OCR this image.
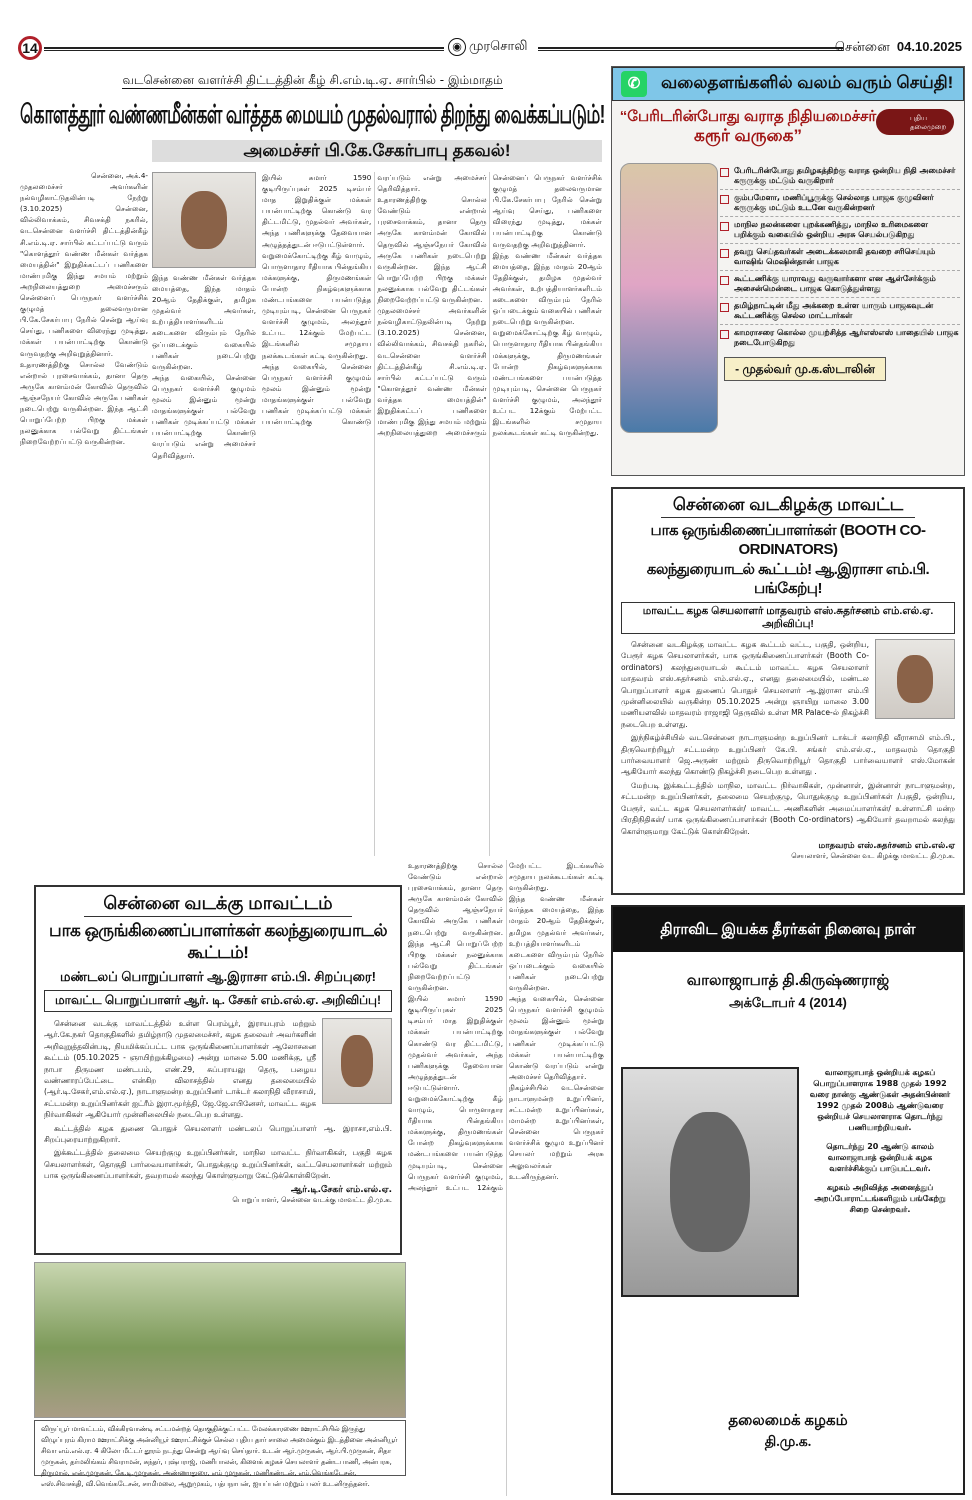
14	◉ முரசொலி	சென்னை 04.10.2025
வடசென்னை வளர்ச்சி திட்டத்தின் கீழ் சி.எம்.டி.ஏ. சார்பில் - இம்மாதம்
கொளத்தூர் வண்ணமீன்கள் வர்த்தக மையம் முதல்வரால் திறந்து வைக்கப்படும்!
அமைச்சர் பி.கே.சேகர்பாபு தகவல்!

சென்னை, அக்.4-

முதலமைச்சர் அவர்களின் நல்வழிகாட்டுதலின்படி நேற்று (3.10.2025) சென்னை, வில்லிவாக்கம், சிவசக்தி நகரில், வடசென்னை வளர்ச்சி திட்டத்தின்கீழ் சி.எம்.டி.ஏ. சார்பில் கட்டப்பட்டு வரும் "கொளத்தூர் வண்ண மீன்கள் வர்த்தக மையத்தின்" இறுதிக்கட்டப் பணிகளை மாண்புமிகு இந்து சமயம் மற்றும் அறநிலையத்துறை அமைச்சரும் சென்னைப் பெருநகர் வளர்ச்சிக் குழுமத் தலைவருமான பி.கே.சேகர்பாபு நேரில் சென்று ஆய்வு செய்து, பணிகளை விரைந்து முடித்து, மக்கள் பயன்பாட்டிற்கு கொண்டு வருவதற்கு அறிவுறுத்தினார்.

உதாரணத்திற்கு சொல்ல வேண்டும் என்றால் புரசைவாக்கம், தானா தெரு அருகே காளம்மன் கோவில் தெருவில் ஆஞ்சநேயர் கோவில் அருகே பணிகள் நடைபெற்று வருகின்றன. இந்த ஆட்சி பொறுப்பேற்ற பிறகு மக்கள் நலனுக்காக பல்வேறு திட்டங்கள் நிறைவேற்றப்பட்டு வருகின்றன.

இந்த வண்ண மீன்கள் வர்த்தக மையத்தை, இந்த மாதம் 20ஆம் தேதிக்குள், தமிழக முதல்வர் அவர்கள், உற்பத்தியாளர்களிடம் கடைகளை விரும்பும் நேரில் ஒப்படைக்கும் வகையில் பணிகள் நடைபெற்று வருகின்றன.

அந்த வகையில், சென்னை பெருநகர் வளர்ச்சி குழுமம் மூலம் இன்னும் மூன்று மாதங்களுக்குள் பல்வேறு பணிகள் முடிக்கப்பட்டு மக்கள் பயன்பாட்டிற்கு கொண்டு வரப்படும் என்று அமைச்சர் தெரிவித்தார்.

இயில் சுமார் 1590 குடியிருப்புகள் 2025 டிசம்பர் மாத இறுதிக்குள் மக்கள் பயன்பாட்டிற்கு கொண்டு வர திட்டமிட்டு, முதல்வர் அவர்கள், அந்த பணிகளுக்கு தேவையான அழுத்தத்துடன் ஈடுபட்டுள்ளார்.

வறுமைக்கோட்டிற்கு கீழ் வாழும், பொருளாதார ரீதியாக பின்தங்கிய மக்களுக்கு, திருமணங்கள் போன்ற நிகழ்வுகளுக்காக மண்டபங்களை பயன்படுத்த முடியும்படி, சென்னை பெருநகர் வளர்ச்சி குழுமம், அலந்தூர் உட்பட 12க்கும் மேற்பட்ட இடங்களில் சமுதாய நலக்கூடங்கள் கட்டி வருகின்றது.

அந்த வகையில், சென்னை பெருநகர் வளர்ச்சி குழுமம் மூலம் இன்னும் மூன்று மாதங்களுக்குள் பல்வேறு பணிகள் முடிக்கப்பட்டு மக்கள் பயன்பாட்டிற்கு கொண்டு வரப்படும் என்று அமைச்சர் தெரிவித்தார்.

உதாரணத்திற்கு சொல்ல வேண்டும் என்றால் புரசைவாக்கம், தானா தெரு அருகே காளம்மன் கோவில் தெருவில் ஆஞ்சநேயர் கோவில் அருகே பணிகள் நடைபெற்று வருகின்றன. இந்த ஆட்சி பொறுப்பேற்ற பிறகு மக்கள் நலனுக்காக பல்வேறு திட்டங்கள் நிறைவேற்றப்பட்டு வருகின்றன.

முதலமைச்சர் அவர்களின் நல்வழிகாட்டுதலின்படி நேற்று (3.10.2025) சென்னை, வில்லிவாக்கம், சிவசக்தி நகரில், வடசென்னை வளர்ச்சி திட்டத்தின்கீழ் சி.எம்.டி.ஏ. சார்பில் கட்டப்பட்டு வரும் "கொளத்தூர் வண்ண மீன்கள் வர்த்தக மையத்தின்" இறுதிக்கட்டப் பணிகளை மாண்புமிகு இந்து சமயம் மற்றும் அறநிலையத்துறை அமைச்சரும் சென்னைப் பெருநகர் வளர்ச்சிக் குழுமத் தலைவருமான பி.கே.சேகர்பாபு நேரில் சென்று ஆய்வு செய்து, பணிகளை விரைந்து முடித்து, மக்கள் பயன்பாட்டிற்கு கொண்டு வருவதற்கு அறிவுறுத்தினார்.

இந்த வண்ண மீன்கள் வர்த்தக மையத்தை, இந்த மாதம் 20ஆம் தேதிக்குள், தமிழக முதல்வர் அவர்கள், உற்பத்தியாளர்களிடம் கடைகளை விரும்பும் நேரில் ஒப்படைக்கும் வகையில் பணிகள் நடைபெற்று வருகின்றன.

வறுமைக்கோட்டிற்கு கீழ் வாழும், பொருளாதார ரீதியாக பின்தங்கிய மக்களுக்கு, திருமணங்கள் போன்ற நிகழ்வுகளுக்காக மண்டபங்களை பயன்படுத்த முடியும்படி, சென்னை பெருநகர் வளர்ச்சி குழுமம், அலந்தூர் உட்பட 12க்கும் மேற்பட்ட இடங்களில் சமுதாய நலக்கூடங்கள் கட்டி வருகின்றது.

உதாரணத்திற்கு சொல்ல வேண்டும் என்றால் புரசைவாக்கம், தானா தெரு அருகே காளம்மன் கோவில் தெருவில் ஆஞ்சநேயர் கோவில் அருகே பணிகள் நடைபெற்று வருகின்றன. இந்த ஆட்சி பொறுப்பேற்ற பிறகு மக்கள் நலனுக்காக பல்வேறு திட்டங்கள் நிறைவேற்றப்பட்டு வருகின்றன.

இயில் சுமார் 1590 குடியிருப்புகள் 2025 டிசம்பர் மாத இறுதிக்குள் மக்கள் பயன்பாட்டிற்கு கொண்டு வர திட்டமிட்டு, முதல்வர் அவர்கள், அந்த பணிகளுக்கு தேவையான அழுத்தத்துடன் ஈடுபட்டுள்ளார்.

வறுமைக்கோட்டிற்கு கீழ் வாழும், பொருளாதார ரீதியாக பின்தங்கிய மக்களுக்கு, திருமணங்கள் போன்ற நிகழ்வுகளுக்காக மண்டபங்களை பயன்படுத்த முடியும்படி, சென்னை பெருநகர் வளர்ச்சி குழுமம், அலந்தூர் உட்பட 12க்கும் மேற்பட்ட இடங்களில் சமுதாய நலக்கூடங்கள் கட்டி வருகின்றது.

இந்த வண்ண மீன்கள் வர்த்தக மையத்தை, இந்த மாதம் 20ஆம் தேதிக்குள், தமிழக முதல்வர் அவர்கள், உற்பத்தியாளர்களிடம் கடைகளை விரும்பும் நேரில் ஒப்படைக்கும் வகையில் பணிகள் நடைபெற்று வருகின்றன.

அந்த வகையில், சென்னை பெருநகர் வளர்ச்சி குழுமம் மூலம் இன்னும் மூன்று மாதங்களுக்குள் பல்வேறு பணிகள் முடிக்கப்பட்டு மக்கள் பயன்பாட்டிற்கு கொண்டு வரப்படும் என்று அமைச்சர் தெரிவித்தார்.

நிகழ்ச்சியில் வடசென்னை நாடாளுமன்ற உறுப்பினர், சட்டமன்ற உறுப்பினர்கள், மாமன்ற உறுப்பினர்கள், சென்னை பெருநகர் வளர்ச்சிக் குழும உறுப்பினர் செயலர் மற்றும் அரசு அலுவலர்கள் உடனிருந்தனர்.

சென்னை வடக்கு மாவட்டம்
பாக ஒருங்கிணைப்பாளர்கள் கலந்துரையாடல் கூட்டம்!
மண்டலப் பொறுப்பாளர் ஆ.இராசா எம்.பி. சிறப்புரை!
மாவட்ட பொறுப்பாளர் ஆர். டி. சேகர் எம்.எல்.ஏ. அறிவிப்பு!

சென்னை வடக்கு மாவட்டத்தில் உள்ள பெரம்பூர், இராயபுரம் மற்றும் ஆர்.கே.நகர் தொகுதிகளில் தமிழ்நாடு முதலமைச்சர், கழக தலைவர் அவர்களின் அறிவுறுத்தலின்படி, நியமிக்கப்பட்ட பாக ஒருங்கிணைப்பாளர்கள் ஆலோசனை கூட்டம் (05.10.2025 - ஞாயிற்றுக்கிழமை) அன்று மாலை 5.00 மணிக்கு, ஸ்ரீ நாபா திருமண மண்டபம், எண்.29, சுப்பராயலு தெரு, பழைய வண்ணாரப்பேட்டை என்கிற விலாசத்தில் எனது தலைமையில் (ஆர்.டி.சேகர்,எம்.எல்.ஏ.), நாடாளுமன்ற உறுப்பினர் டாக்டர் கலாநிதி வீராசாமி, சட்டமன்ற உறுப்பினர்கள் ஐட்ரீம் இரா.மூர்த்தி, ஜே.ஜே.எபினேசர், மாவட்ட கழக நிர்வாகிகள் ஆகியோர் முன்னிலையில் நடைபெற உள்ளது.

கூட்டத்தில் கழக துணை பொதுச் செயலாளர் மண்டலப் பொறுப்பாளர் ஆ. இராசா,எம்.பி. சிறப்புரையாற்றுகிறார்.

இக்கூட்டத்தில் தலைமை செயற்குழு உறுப்பினர்கள், மாநில மாவட்ட நிர்வாகிகள், பகுதி கழக செயலாளர்கள், தொகுதி பார்வையாளர்கள், பொதுக்குழு உறுப்பினர்கள், வட்டசெயலாளர்கள் மற்றும் பாக ஒருங்கிணைப்பாளர்கள், தவறாமல் கலந்து கொள்ளுமாறு கேட்டுக்கொள்கிறேன்.

ஆர்.டி.சேகர் எம்.எல்.ஏ.
பொறுப்பாளர், சென்னை வடக்கு மாவட்ட தி.மு.க.
விருப்பூர் மாவட்டம், விக்கிரவாண்டி சட்டமன்றத் தொகுதிக்குட்பட்ட மேலக்காரணை ஊராட்சியில் இருந்து விழுப்புரம் கிராம ஊராட்சிக்கு அன்னியூர் ஊராட்சிக்குச் செல்ல புதிய தார் சாலை அமைக்கும் இடத்தினை அன்னியூர் சிவா எம்.எல்.ஏ. 4 கிலோ மீட்டர் தூரம் நடந்து சென்று ஆய்வு செய்தார். உடன் ஆர்.முருகன், ஆர்.பி.முருகன், சிதா முருகன், தர்மலிங்கம் சிவராமன், சுந்தர், புஷ்பராஜ், மணிபாலன், கிளைக் கழகச் செயலாளர் தண்டபாணி, அன்பரசு, திருமால், என்.முருகன், கே.டி.முருகன், அண்ணாதுரை, எம் முருகன், மணிகண்டன், எம்.வெங்கடேசன், எஸ்.சிவசக்தி, வி.வெங்கடேசன், சாமிமலை, ஆறுமுகம், பத்பநாபன், ஐயப்பன் மற்றும் பலர் உடனிருந்தனர்.
✆	வலைதளங்களில் வலம் வரும் செய்தி!
“பேரிடரின்போது வராத நிதியமைச்சர்
கரூர் வருகை”
புதிய தலைமுறை
பேரிடரின்போது தமிழகத்திற்கு வராத ஒன்றிய நிதி அமைச்சர் கரூருக்கு மட்டும் வருகிறார்
கும்பமேளா, மணிப்பூருக்கு செல்லாத பாஜக குழுவினர் கரூருக்கு மட்டும் உடனே வருகின்றனர்
மாநில நலன்களை புறக்கணித்து, மாநில உரிமைகளை பறிக்கும் வகையில் ஒன்றிய அரசு செயல்படுகிறது
தவறு செய்தவர்கள் அடைக்கலமாகி தவறை சரிசெய்யும் வாஷிங் மெஷின்தான் பாஜக
கூட்டணிக்கு யாராவது வருவார்களா என ஆள்சேர்க்கும் அசைன்மென்டை பாஜக கொடுத்துள்ளது
தமிழ்நாட்டின் மீது அக்கறை உள்ள யாரும் பாஜகவுடன் கூட்டணிக்கு செல்ல மாட்டார்கள்
காமராசரை கொல்ல முயற்சித்த ஆர்எஸ்எஸ் பாதையில் பாஜக நடைபோடுகிறது
- முதல்வர் மு.க.ஸ்டாலின்
சென்னை வடகிழக்கு மாவட்ட
பாக ஒருங்கிணைப்பாளர்கள் (BOOTH CO-ORDINATORS)
கலந்துரையாடல் கூட்டம்! ஆ.இராசா எம்.பி. பங்கேற்பு!
மாவட்ட கழக செயலாளர் மாதவரம் எஸ்.சுதர்சனம் எம்.எல்.ஏ. அறிவிப்பு!

சென்னை வடகிழக்கு மாவட்ட கழக கூட்டம் வட்ட, பகுதி, ஒன்றிய, பேரூர் கழக செயலாளர்கள், பாக ஒருங்கிணைப்பாளர்கள் (Booth Co-ordinators) கலந்துரையாடல் கூட்டம் மாவட்ட கழக செயலாளர் மாதவரம் எஸ்.சுதர்சனம் எம்.எல்.ஏ., எனது தலைமையில், மண்டல பொறுப்பாளர் கழக துணைப் பொதுச் செயலாளர் ஆ.இராசா எம்.பி முன்னிலையில் வருகின்ற 05.10.2025 அன்று ஞாயிறு மாலை 3.00 மணியளவில் மாதவரம் ராஜாஜி தெருவில் உள்ள MR Palace-ல் நிகழ்ச்சி நடைபெற உள்ளது.

இந்நிகழ்ச்சியில் வடசென்னை நாடாளுமன்ற உறுப்பினர் டாக்டர் கலாநிதி வீராசாமி எம்.பி., திருவொற்றியூர் சட்டமன்ற உறுப்பினர் கே.பி. சங்கர் எம்.எல்.ஏ., மாதவரம் தொகுதி பார்வையாளர் ஜெ.அருண் மற்றும் திருவொற்றியூர் தொகுதி பார்வையாளர் எஸ்.மோகன் ஆகியோர் கலந்து கொண்டு நிகழ்ச்சி நடைபெற உள்ளது .

மேற்படி இக்கூட்டத்தில் மாநில, மாவட்ட நிர்வாகிகள், முன்னாள், இன்னாள் நாடாளுமன்ற, சட்டமன்ற உறுப்பினர்கள், தலைமை செயற்குழு, பொதுக்குழு உறுப்பினர்கள் /பகுதி, ஒன்றிய, பேரூர், வட்ட கழக செயலாளர்கள்/ மாவட்ட அணிகளின் அமைப்பாளர்கள்/ உள்ளாட்சி மன்ற பிரதிநிதிகள்/ பாக ஒருங்கிணைப்பாளர்கள் (Booth Co-ordinators) ஆகியோர் தவறாமல் கலந்து கொள்ளுமாறு கேட்டுக் கொள்கிறேன்.

மாதவரம் எஸ்.சுதர்சனம் எம்.எல்.ஏ
செயலாளர், சென்னை வட கிழக்கு மாவட்ட தி.மு.க.
திராவிட இயக்க தீரர்கள் நினைவு நாள்
வாலாஜாபாத் தி.கிருஷ்ணராஜ்
அக்டோபர் 4 (2014)

வாலாஜாபாத் ஒன்றியக் கழகப் பொறுப்பாளராக 1988 முதல் 1992 வரை நான்கு ஆண்டுகள் அதன்பின்னர் 1992 முதல் 2008ம் ஆண்டுவரை ஒன்றியச் செயலாளராக தொடர்ந்து பணியாற்றியவர்.

தொடர்ந்து 20 ஆண்டு காலம் வாலாஜாபாத் ஒன்றியக் கழக வளர்ச்சிக்குப் பாடுபட்டவர்.

கழகம் அறிவித்த அனைத்துப் அறப்போராட்டங்களிலும் பங்கேற்று சிறை சென்றவர்.

தலைமைக் கழகம்
தி.மு.க.
